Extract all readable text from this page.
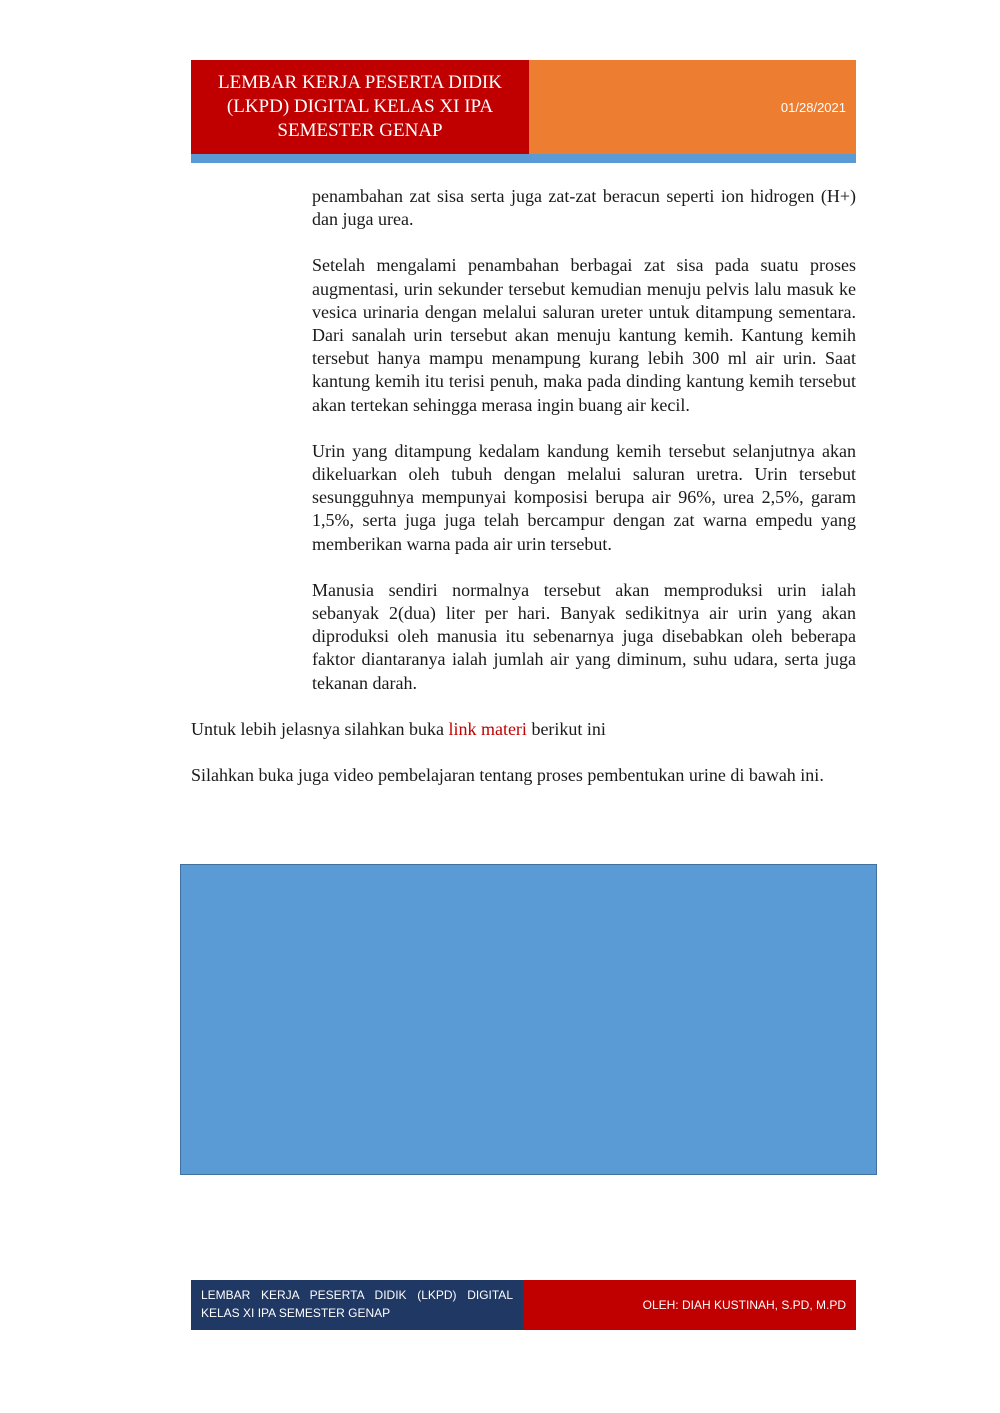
LEMBAR KERJA PESERTA DIDIK (LKPD) DIGITAL KELAS XI IPA SEMESTER GENAP
01/28/2021

penambahan zat sisa serta juga zat-zat beracun seperti ion hidrogen (H+) dan juga urea.

Setelah mengalami penambahan berbagai zat sisa pada suatu proses augmentasi, urin sekunder tersebut kemudian menuju pelvis lalu masuk ke vesica urinaria dengan melalui saluran ureter untuk ditampung sementara. Dari sanalah urin tersebut akan menuju kantung kemih. Kantung kemih tersebut hanya mampu menampung kurang lebih 300 ml air urin. Saat kantung kemih itu terisi penuh, maka pada dinding kantung kemih tersebut akan tertekan sehingga merasa ingin buang air kecil.

Urin yang ditampung kedalam kandung kemih tersebut selanjutnya akan dikeluarkan oleh tubuh dengan melalui saluran uretra. Urin tersebut sesungguhnya mempunyai komposisi berupa air 96%, urea 2,5%, garam 1,5%, serta juga juga telah bercampur dengan zat warna empedu yang memberikan warna pada air urin tersebut.

Manusia sendiri normalnya tersebut akan memproduksi urin ialah sebanyak 2(dua) liter per hari. Banyak sedikitnya air urin yang akan diproduksi oleh manusia itu sebenarnya juga disebabkan oleh beberapa faktor diantaranya ialah jumlah air yang diminum, suhu udara, serta juga tekanan darah.

Untuk lebih jelasnya silahkan buka link materi berikut ini

Silahkan buka juga video pembelajaran tentang proses pembentukan urine di bawah ini.

LEMBAR KERJA PESERTA DIDIK (LKPD) DIGITAL KELAS XI IPA SEMESTER GENAP
OLEH: DIAH KUSTINAH, S.PD, M.PD
